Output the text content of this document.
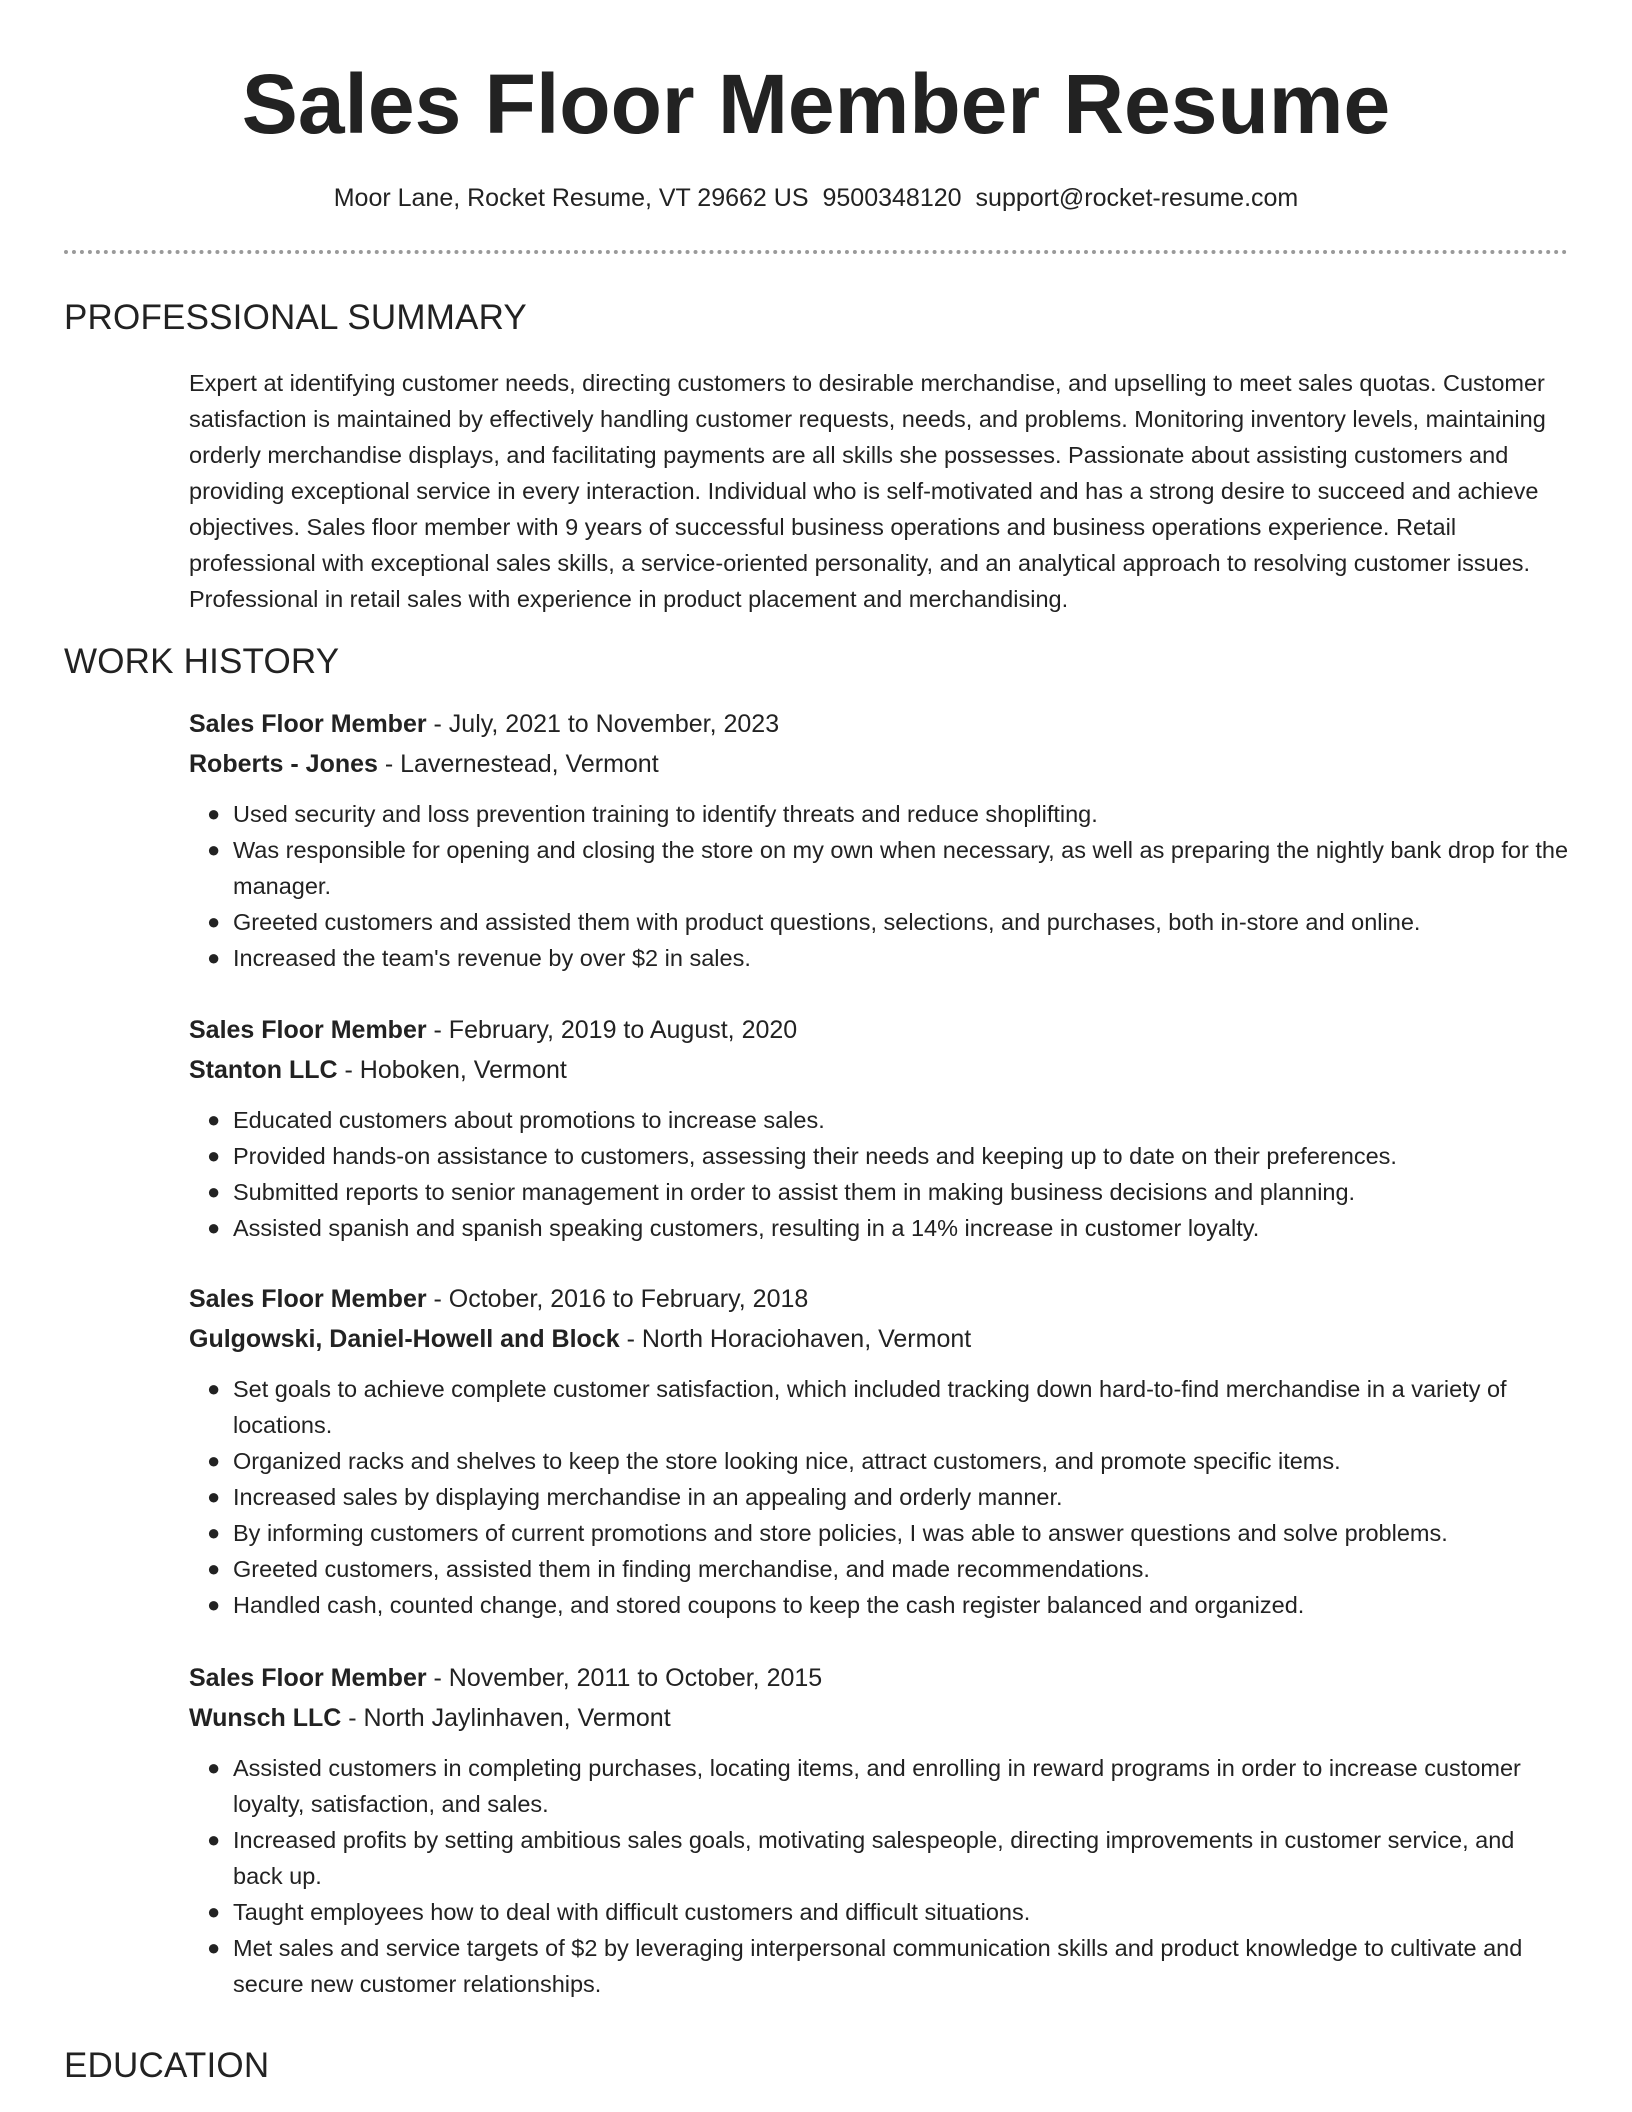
Sales Floor Member Resume
Moor Lane, Rocket Resume, VT 29662 US 9500348120 support@rocket-resume.com
PROFESSIONAL SUMMARY

Expert at identifying customer needs, directing customers to desirable merchandise, and upselling to meet sales quotas. Customer satisfaction is maintained by effectively handling customer requests, needs, and problems. Monitoring inventory levels, maintaining orderly merchandise displays, and facilitating payments are all skills she possesses. Passionate about assisting customers and providing exceptional service in every interaction. Individual who is self-motivated and has a strong desire to succeed and achieve objectives. Sales floor member with 9 years of successful business operations and business operations experience. Retail professional with exceptional sales skills, a service-oriented personality, and an analytical approach to resolving customer issues. Professional in retail sales with experience in product placement and merchandising.

WORK HISTORY

Sales Floor Member - July, 2021 to November, 2023

Roberts - Jones - Lavernestead, Vermont

● Used security and loss prevention training to identify threats and reduce shoplifting.
● Was responsible for opening and closing the store on my own when necessary, as well as preparing the nightly bank drop for the manager.
● Greeted customers and assisted them with product questions, selections, and purchases, both in-store and online.
● Increased the team's revenue by over $2 in sales.

Sales Floor Member - February, 2019 to August, 2020

Stanton LLC - Hoboken, Vermont

● Educated customers about promotions to increase sales.
● Provided hands-on assistance to customers, assessing their needs and keeping up to date on their preferences.
● Submitted reports to senior management in order to assist them in making business decisions and planning.
● Assisted spanish and spanish speaking customers, resulting in a 14% increase in customer loyalty.

Sales Floor Member - October, 2016 to February, 2018

Gulgowski, Daniel-Howell and Block - North Horaciohaven, Vermont

● Set goals to achieve complete customer satisfaction, which included tracking down hard-to-find merchandise in a variety of locations.
● Organized racks and shelves to keep the store looking nice, attract customers, and promote specific items.
● Increased sales by displaying merchandise in an appealing and orderly manner.
● By informing customers of current promotions and store policies, I was able to answer questions and solve problems.
● Greeted customers, assisted them in finding merchandise, and made recommendations.
● Handled cash, counted change, and stored coupons to keep the cash register balanced and organized.

Sales Floor Member - November, 2011 to October, 2015

Wunsch LLC - North Jaylinhaven, Vermont

● Assisted customers in completing purchases, locating items, and enrolling in reward programs in order to increase customer loyalty, satisfaction, and sales.
● Increased profits by setting ambitious sales goals, motivating salespeople, directing improvements in customer service, and back up.
● Taught employees how to deal with difficult customers and difficult situations.
● Met sales and service targets of $2 by leveraging interpersonal communication skills and product knowledge to cultivate and secure new customer relationships.
EDUCATION
